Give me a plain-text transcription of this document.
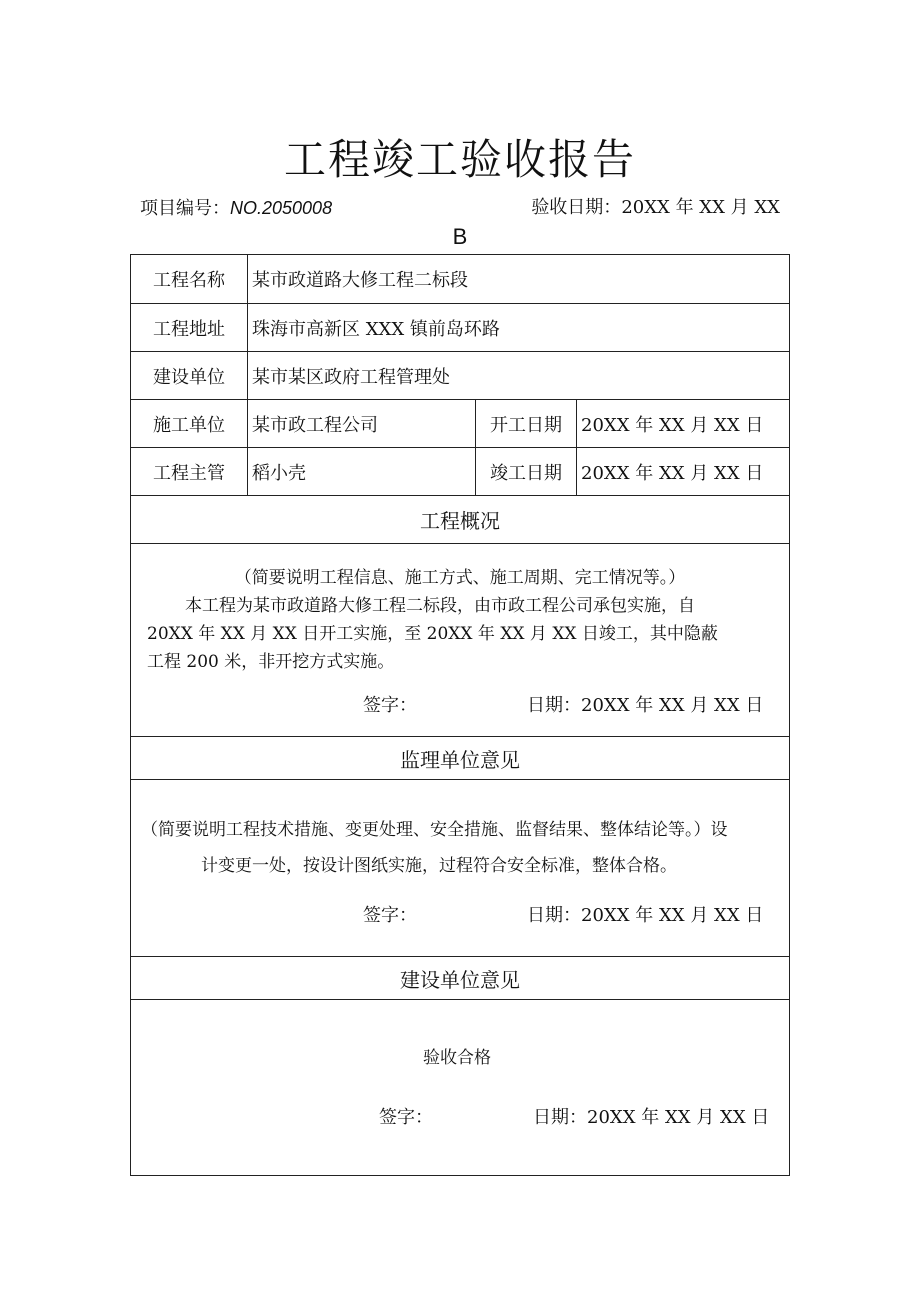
工程竣工验收报告
项目编号：NO.2050008	验收日期：20XX 年 XX 月 XX
B
工程名称	某市政道路大修工程二标段
工程地址	珠海市高新区 XXX 镇前岛环路
建设单位	某市某区政府工程管理处
施工单位	某市政工程公司	开工日期	20XX 年 XX 月 XX 日
工程主管	稻小壳	竣工日期	20XX 年 XX 月 XX 日
工程概况
（简要说明工程信息、施工方式、施工周期、完工情况等。）
本工程为某市政道路大修工程二标段，由市政工程公司承包实施，自
20XX 年 XX 月 XX 日开工实施，至 20XX 年 XX 月 XX 日竣工，其中隐蔽
工程 200 米，非开挖方式实施。
签字：	日期：20XX 年 XX 月 XX 日
监理单位意见
（简要说明工程技术措施、变更处理、安全措施、监督结果、整体结论等。）设
计变更一处，按设计图纸实施，过程符合安全标准，整体合格。
签字：	日期：20XX 年 XX 月 XX 日
建设单位意见
验收合格
签字：	日期：20XX 年 XX 月 XX 日
